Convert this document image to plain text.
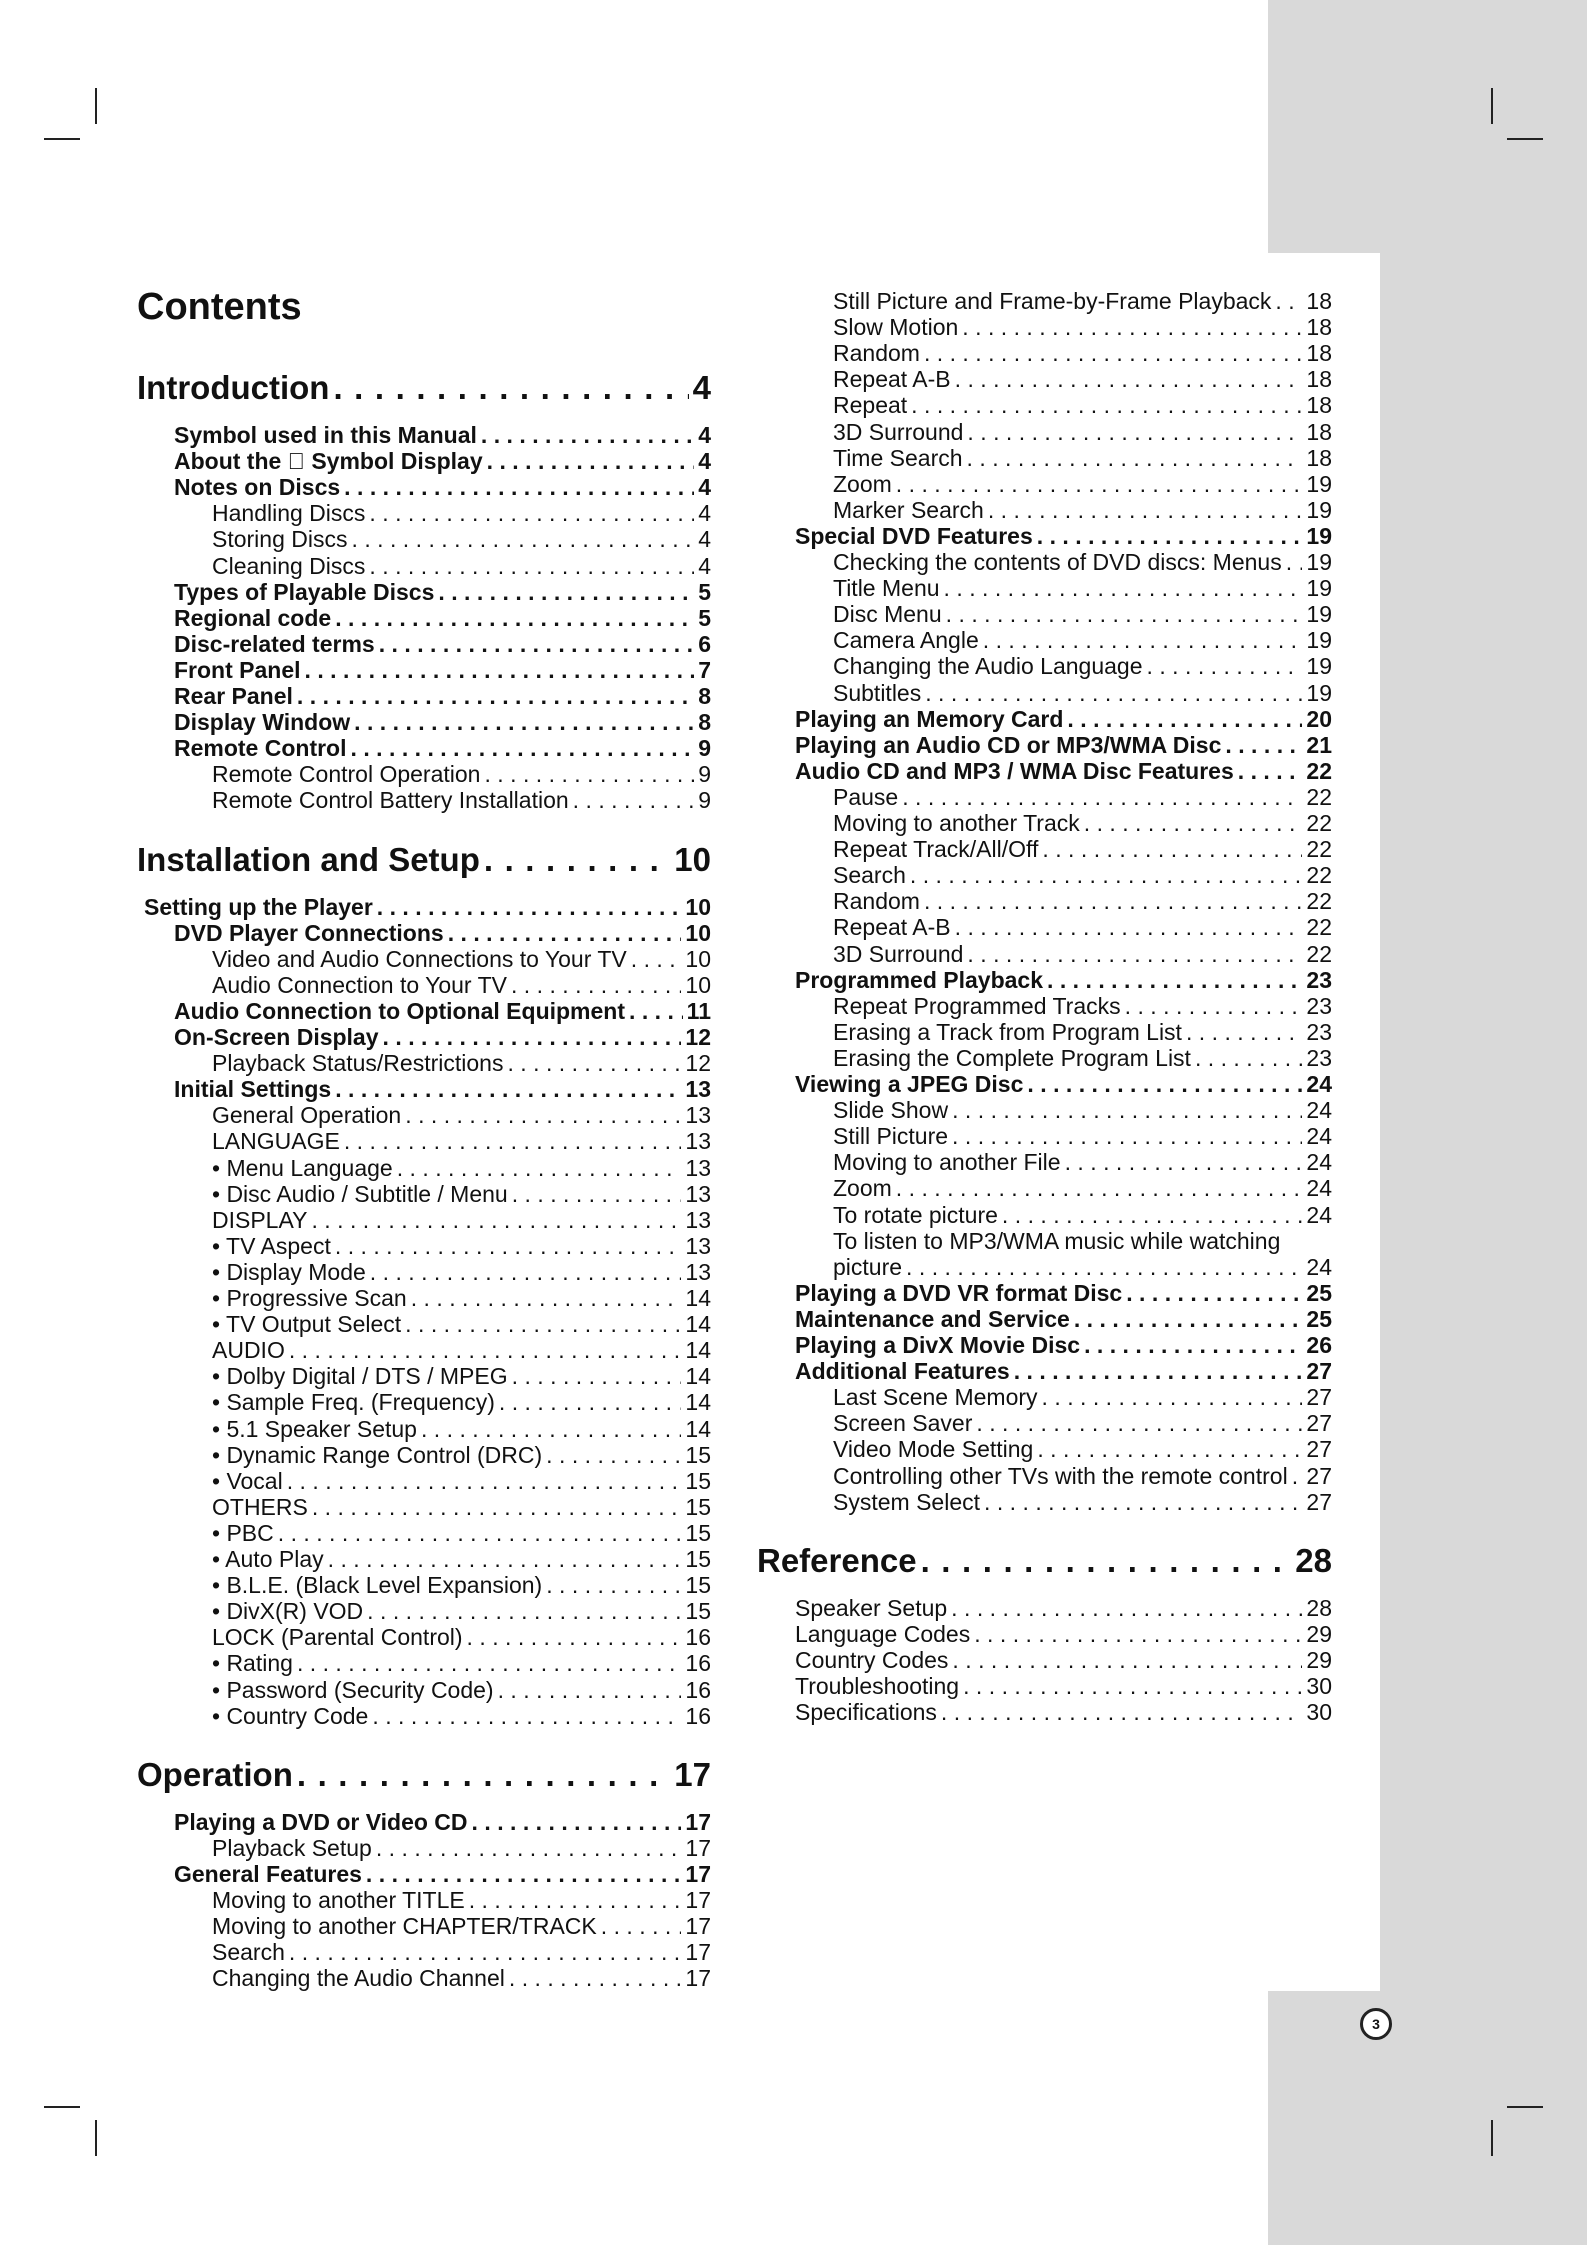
Contents
Introduction .....	4
Symbol used in this Manual .....	4
About the ⃠ Symbol Display .....	4
Notes on Discs .....	4
Handling Discs .....	4
Storing Discs .....	4
Cleaning Discs .....	4
Types of Playable Discs .....	5
Regional code .....	5
Disc-related terms .....	6
Front Panel .....	7
Rear Panel .....	8
Display Window .....	8
Remote Control .....	9
Remote Control Operation .....	9
Remote Control Battery Installation .....	9
Installation and Setup .....	10
Setting up the Player .....	10
DVD Player Connections .....	10
Video and Audio Connections to Your TV .....	10
Audio Connection to Your TV .....	10
Audio Connection to Optional Equipment .....	11
On-Screen Display .....	12
Playback Status/Restrictions .....	12
Initial Settings .....	13
General Operation .....	13
LANGUAGE .....	13
• Menu Language .....	13
• Disc Audio / Subtitle / Menu .....	13
DISPLAY .....	13
• TV Aspect .....	13
• Display Mode .....	13
• Progressive Scan .....	14
• TV Output Select .....	14
AUDIO .....	14
• Dolby Digital / DTS / MPEG .....	14
• Sample Freq. (Frequency) .....	14
• 5.1 Speaker Setup .....	14
• Dynamic Range Control (DRC) .....	15
• Vocal .....	15
OTHERS .....	15
• PBC .....	15
• Auto Play .....	15
• B.L.E. (Black Level Expansion) .....	15
• DivX(R) VOD .....	15
LOCK (Parental Control) .....	16
• Rating .....	16
• Password (Security Code) .....	16
• Country Code .....	16
Operation .....	17
Playing a DVD or Video CD .....	17
Playback Setup .....	17
General Features .....	17
Moving to another TITLE .....	17
Moving to another CHAPTER/TRACK .....	17
Search .....	17
Changing the Audio Channel .....	17
Still Picture and Frame-by-Frame Playback ..... 18
Slow Motion .....	18
Random .....	18
Repeat A-B .....	18
Repeat .....	18
3D Surround .....	18
Time Search .....	18
Zoom .....	19
Marker Search .....	19
Special DVD Features .....	19
Checking the contents of DVD discs: Menus ..... 19
Title Menu .....	19
Disc Menu .....	19
Camera Angle .....	19
Changing the Audio Language .....	19
Subtitles .....	19
Playing an Memory Card .....	20
Playing an Audio CD or MP3/WMA Disc .....	21
Audio CD and MP3 / WMA Disc Features .....	22
Pause .....	22
Moving to another Track .....	22
Repeat Track/All/Off .....	22
Search .....	22
Random .....	22
Repeat A-B .....	22
3D Surround .....	22
Programmed Playback .....	23
Repeat Programmed Tracks .....	23
Erasing a Track from Program List .....	23
Erasing the Complete Program List .....	23
Viewing a JPEG Disc .....	24
Slide Show .....	24
Still Picture .....	24
Moving to another File .....	24
Zoom .....	24
To rotate picture .....	24
To listen to MP3/WMA music while watching
picture .....	24
Playing a DVD VR format Disc .....	25
Maintenance and Service .....	25
Playing a DivX Movie Disc .....	26
Additional Features .....	27
Last Scene Memory .....	27
Screen Saver .....	27
Video Mode Setting .....	27
Controlling other TVs with the remote control ..... 27
System Select .....	27
Reference .....	28
Speaker Setup .....	28
Language Codes .....	29
Country Codes .....	29
Troubleshooting .....	30
Specifications .....	30
3
